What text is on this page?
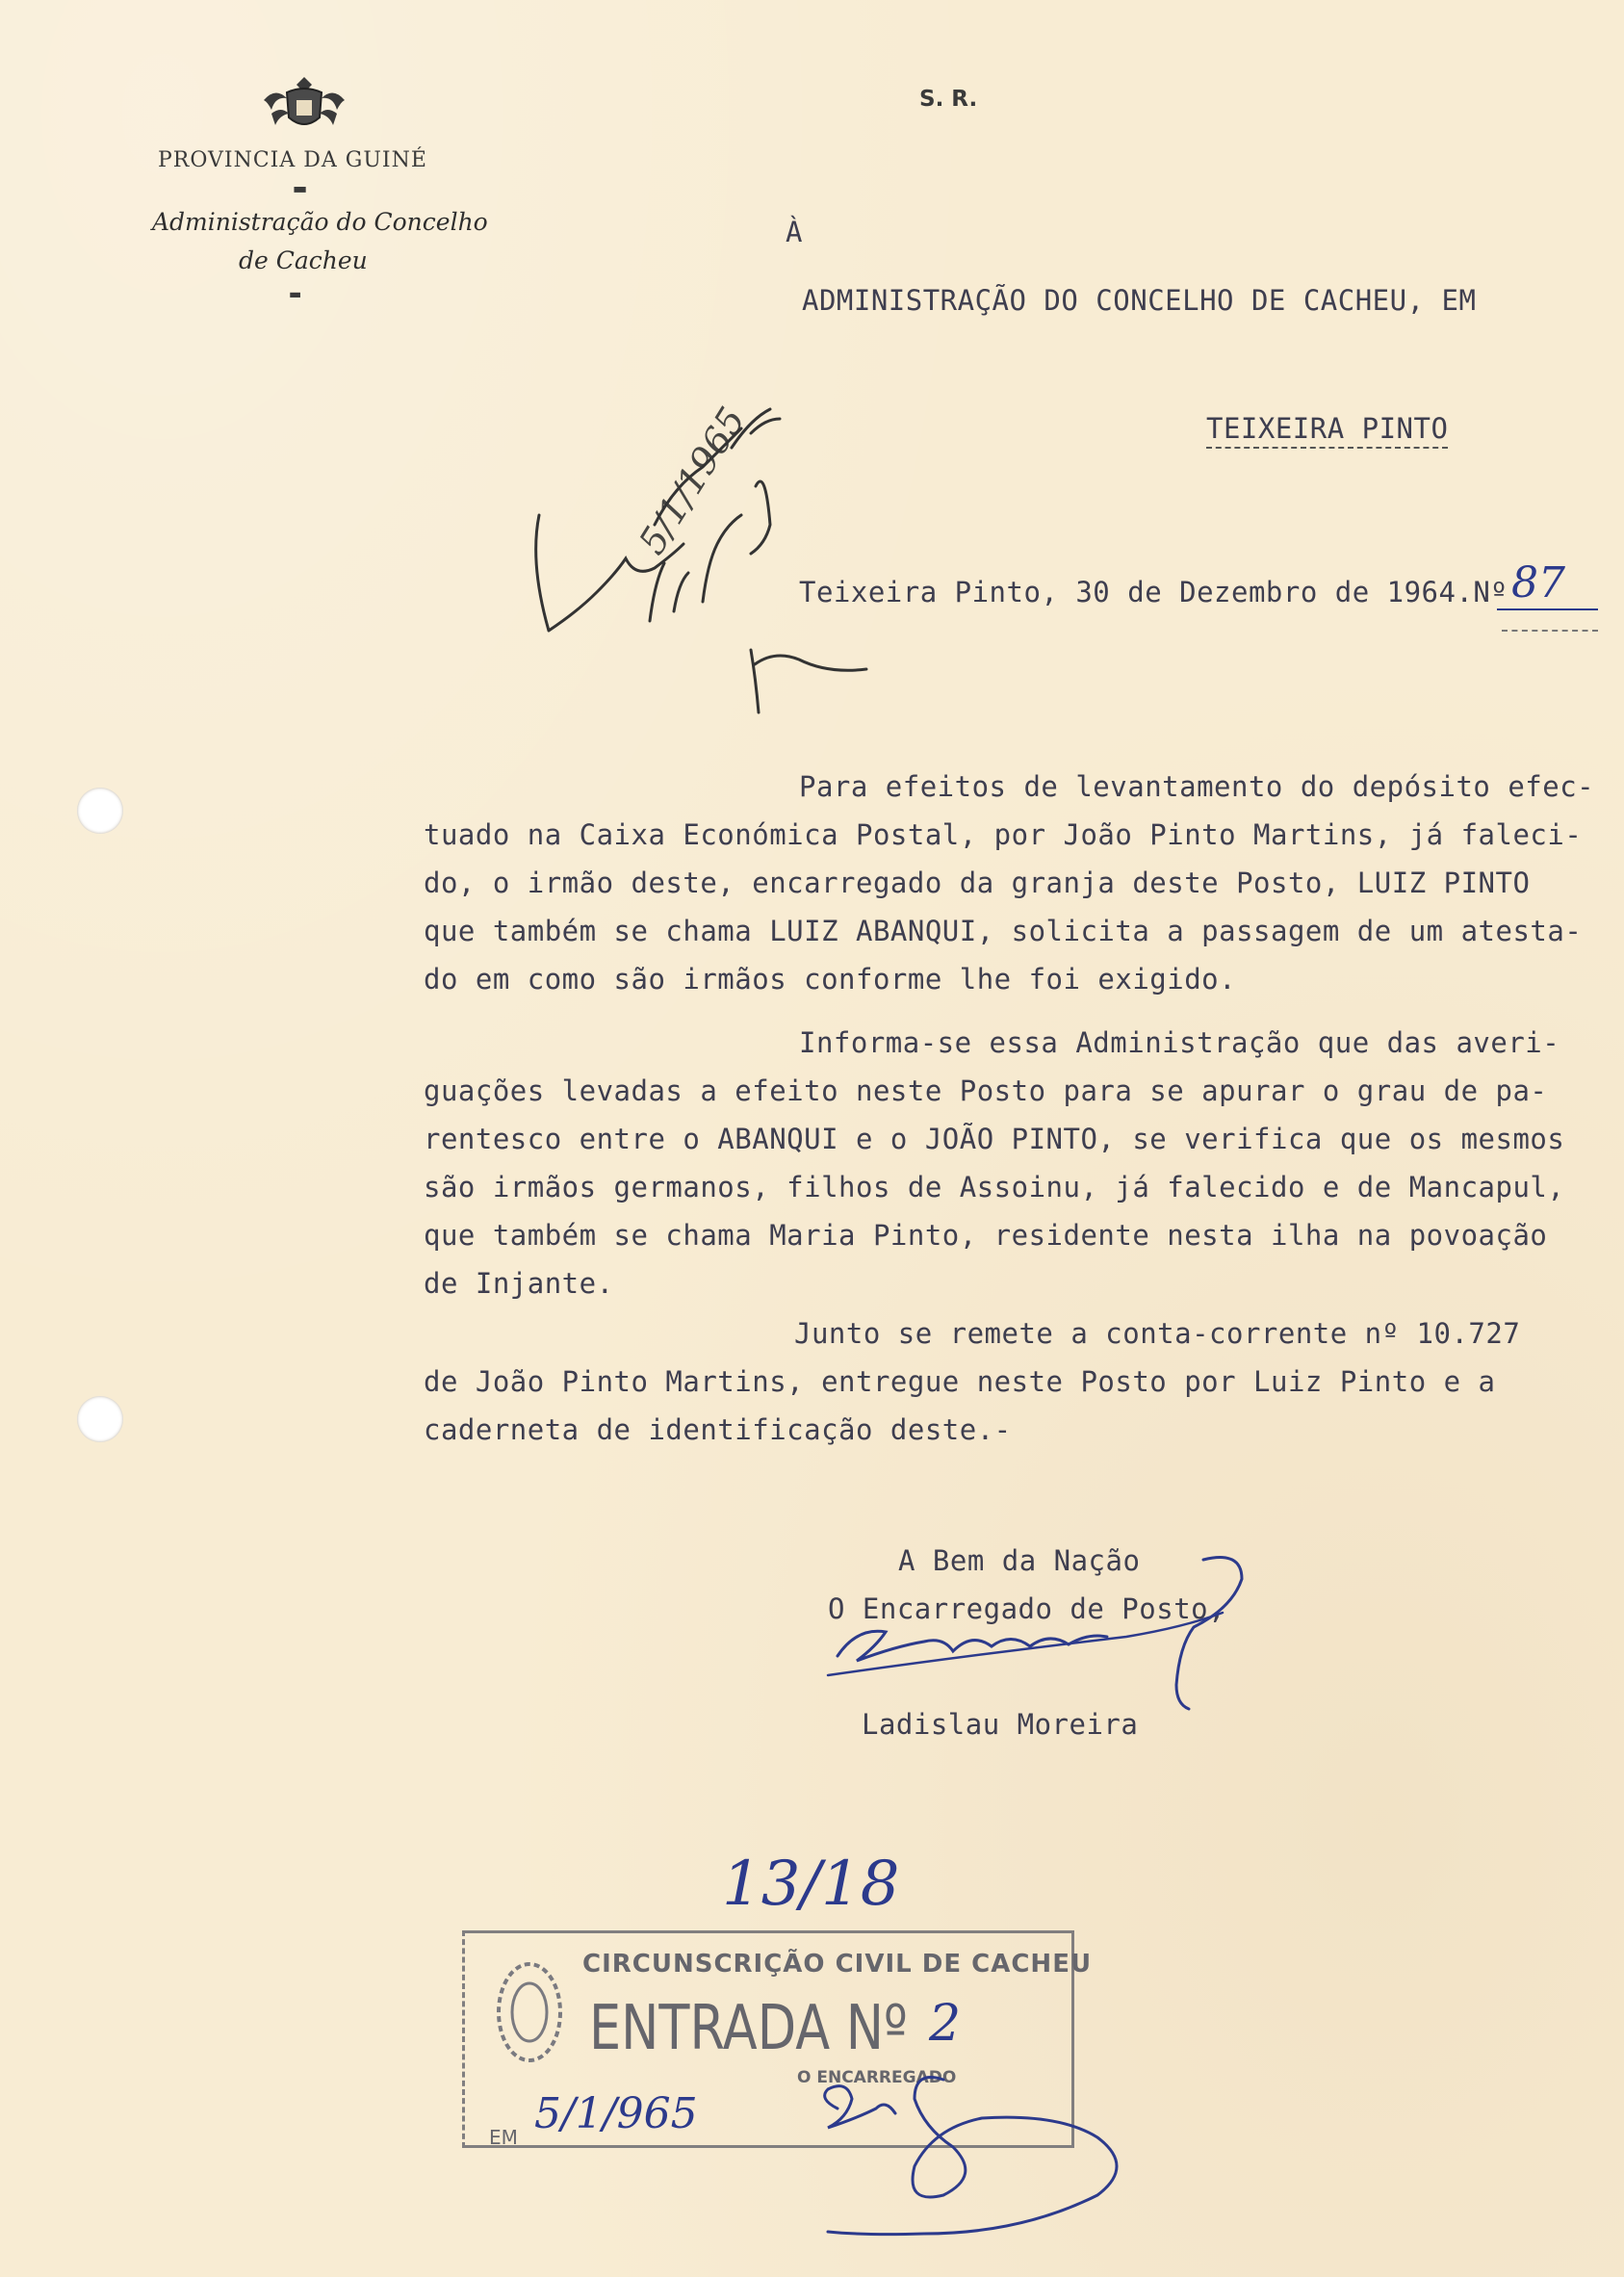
PROVINCIA DA GUINÉ
▬
Administração do Concelho
de Cacheu
▬
S. R.
À
ADMINISTRAÇÃO DO CONCELHO DE CACHEU, EM
TEIXEIRA PINTO
5/1/1965
Teixeira Pinto, 30 de Dezembro de 1964.Nº 87
Para efeitos de levantamento do depósito efec-
tuado na Caixa Económica Postal, por João Pinto Martins, já faleci-
do, o irmão deste, encarregado da granja deste Posto, LUIZ PINTO
que também se chama LUIZ ABANQUI, solicita a passagem de um atesta-
do em como são irmãos conforme lhe foi exigido.
Informa-se essa Administração que das averi-
guações levadas a efeito neste Posto para se apurar o grau de pa-
rentesco entre o ABANQUI e o JOÃO PINTO, se verifica que os mesmos
são irmãos germanos, filhos de Assoinu, já falecido e de Mancapul,
que também se chama Maria Pinto, residente nesta ilha na povoação
de Injante.
Junto se remete a conta-corrente nº 10.727
de João Pinto Martins, entregue neste Posto por Luiz Pinto e a
caderneta de identificação deste.-
A Bem da Nação
O Encarregado de Posto,
Ladislau Moreira
13/18
CIRCUNSCRIÇÃO CIVIL DE CACHEU
ENTRADA Nº 2
O ENCARREGADO
EM 5/1/965
